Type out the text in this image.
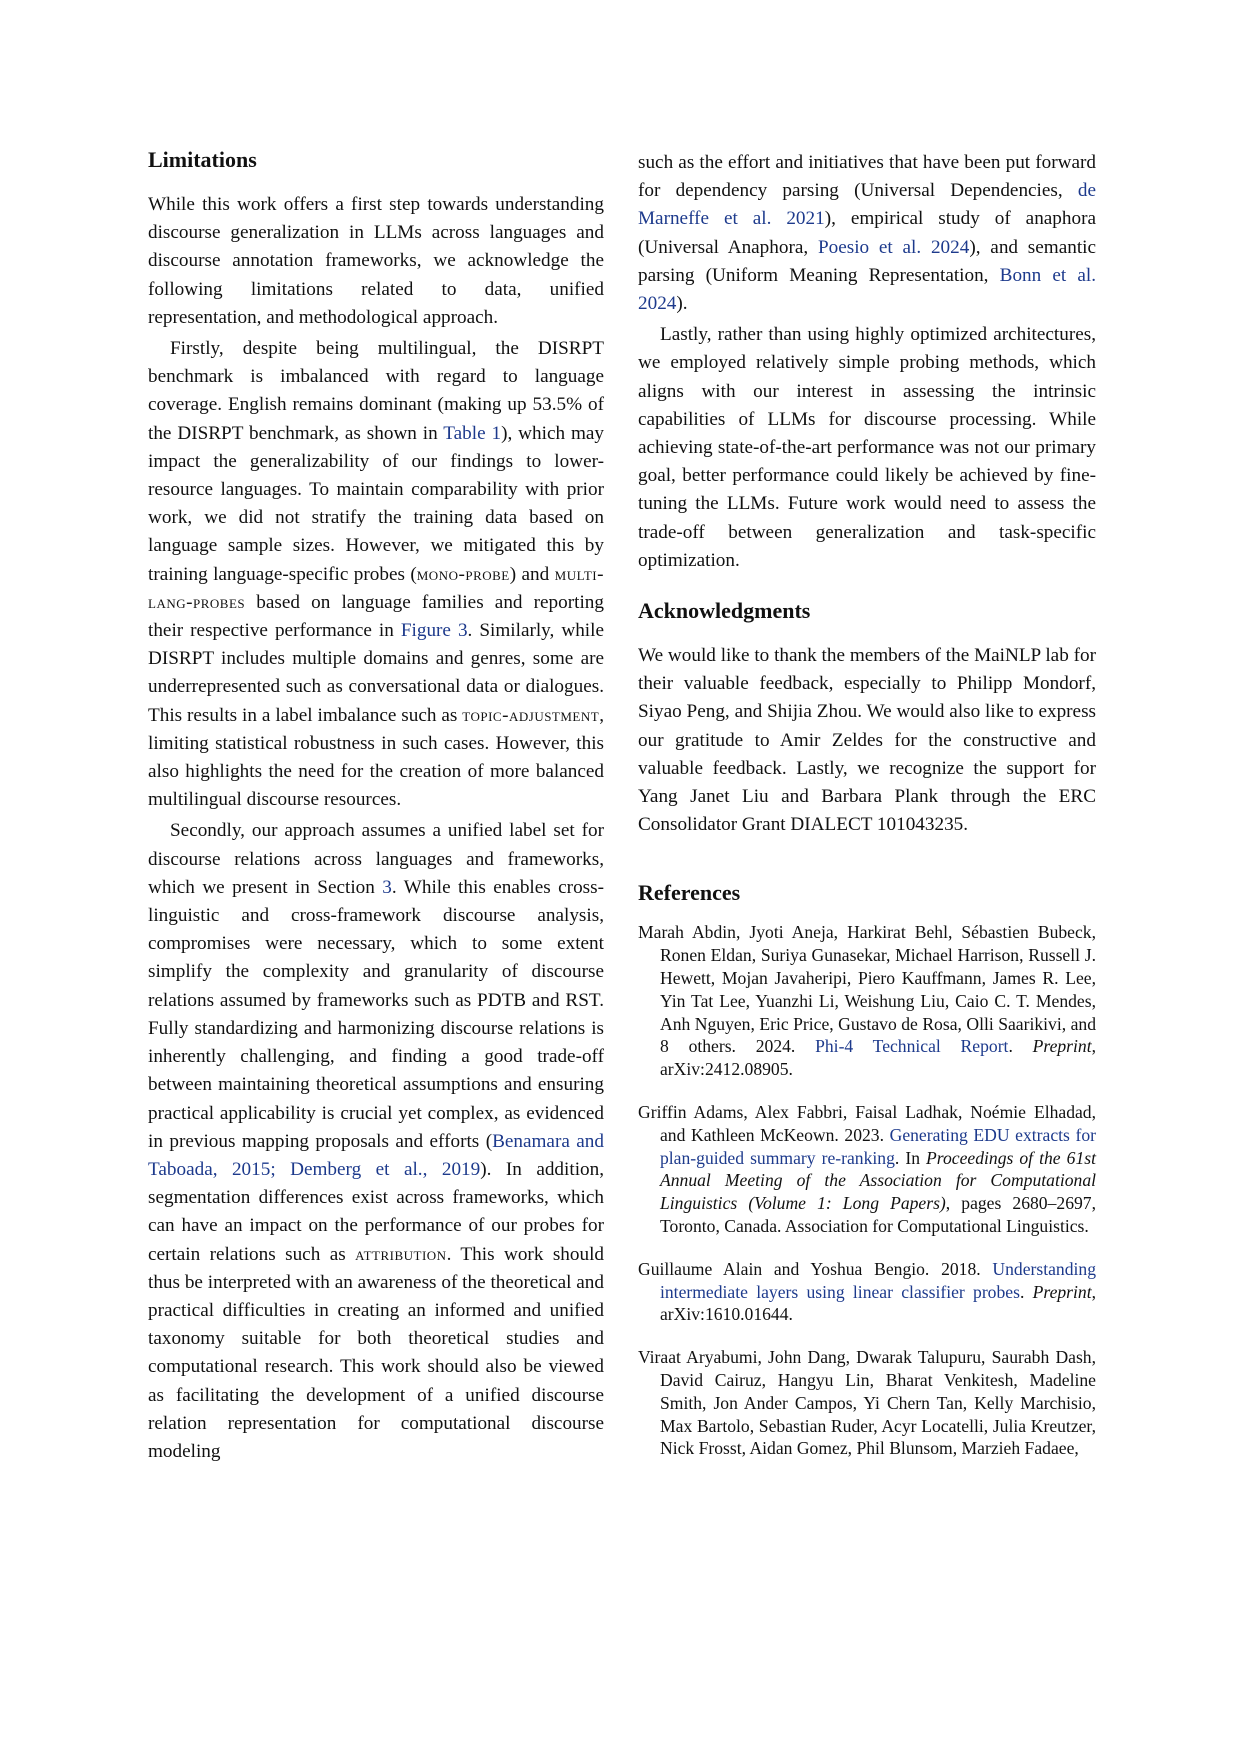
Limitations

While this work offers a first step towards understanding discourse generalization in LLMs across languages and discourse annotation frameworks, we acknowledge the following limitations related to data, unified representation, and methodological approach.

Firstly, despite being multilingual, the DISRPT benchmark is imbalanced with regard to language coverage. English remains dominant (making up 53.5% of the DISRPT benchmark, as shown in Table 1), which may impact the generalizability of our findings to lower-resource languages. To maintain comparability with prior work, we did not stratify the training data based on language sample sizes. However, we mitigated this by training language-specific probes (mono-probe) and multi-lang-probes based on language families and reporting their respective performance in Figure 3. Similarly, while DISRPT includes multiple domains and genres, some are underrepresented such as conversational data or dialogues. This results in a label imbalance such as topic-adjustment, limiting statistical robustness in such cases. However, this also highlights the need for the creation of more balanced multilingual discourse resources.

Secondly, our approach assumes a unified label set for discourse relations across languages and frameworks, which we present in Section 3. While this enables cross-linguistic and cross-framework discourse analysis, compromises were necessary, which to some extent simplify the complexity and granularity of discourse relations assumed by frameworks such as PDTB and RST. Fully standardizing and harmonizing discourse relations is inherently challenging, and finding a good trade-off between maintaining theoretical assumptions and ensuring practical applicability is crucial yet complex, as evidenced in previous mapping proposals and efforts (Benamara and Taboada, 2015; Demberg et al., 2019). In addition, segmentation differences exist across frameworks, which can have an impact on the performance of our probes for certain relations such as attribution. This work should thus be interpreted with an awareness of the theoretical and practical difficulties in creating an informed and unified taxonomy suitable for both theoretical studies and computational research. This work should also be viewed as facilitating the development of a unified discourse relation representation for computational discourse modeling

such as the effort and initiatives that have been put forward for dependency parsing (Universal Dependencies, de Marneffe et al. 2021), empirical study of anaphora (Universal Anaphora, Poesio et al. 2024), and semantic parsing (Uniform Meaning Representation, Bonn et al. 2024).

Lastly, rather than using highly optimized architectures, we employed relatively simple probing methods, which aligns with our interest in assessing the intrinsic capabilities of LLMs for discourse processing. While achieving state-of-the-art performance was not our primary goal, better performance could likely be achieved by fine-tuning the LLMs. Future work would need to assess the trade-off between generalization and task-specific optimization.

Acknowledgments

We would like to thank the members of the MaiNLP lab for their valuable feedback, especially to Philipp Mondorf, Siyao Peng, and Shijia Zhou. We would also like to express our gratitude to Amir Zeldes for the constructive and valuable feedback. Lastly, we recognize the support for Yang Janet Liu and Barbara Plank through the ERC Consolidator Grant DIALECT 101043235.

References
Marah Abdin, Jyoti Aneja, Harkirat Behl, Sébastien Bubeck, Ronen Eldan, Suriya Gunasekar, Michael Harrison, Russell J. Hewett, Mojan Javaheripi, Piero Kauffmann, James R. Lee, Yin Tat Lee, Yuanzhi Li, Weishung Liu, Caio C. T. Mendes, Anh Nguyen, Eric Price, Gustavo de Rosa, Olli Saarikivi, and 8 others. 2024. Phi-4 Technical Report. Preprint, arXiv:2412.08905.
Griffin Adams, Alex Fabbri, Faisal Ladhak, Noémie Elhadad, and Kathleen McKeown. 2023. Generating EDU extracts for plan-guided summary re-ranking. In Proceedings of the 61st Annual Meeting of the Association for Computational Linguistics (Volume 1: Long Papers), pages 2680–2697, Toronto, Canada. Association for Computational Linguistics.
Guillaume Alain and Yoshua Bengio. 2018. Understanding intermediate layers using linear classifier probes. Preprint, arXiv:1610.01644.
Viraat Aryabumi, John Dang, Dwarak Talupuru, Saurabh Dash, David Cairuz, Hangyu Lin, Bharat Venkitesh, Madeline Smith, Jon Ander Campos, Yi Chern Tan, Kelly Marchisio, Max Bartolo, Sebastian Ruder, Acyr Locatelli, Julia Kreutzer, Nick Frosst, Aidan Gomez, Phil Blunsom, Marzieh Fadaee,
